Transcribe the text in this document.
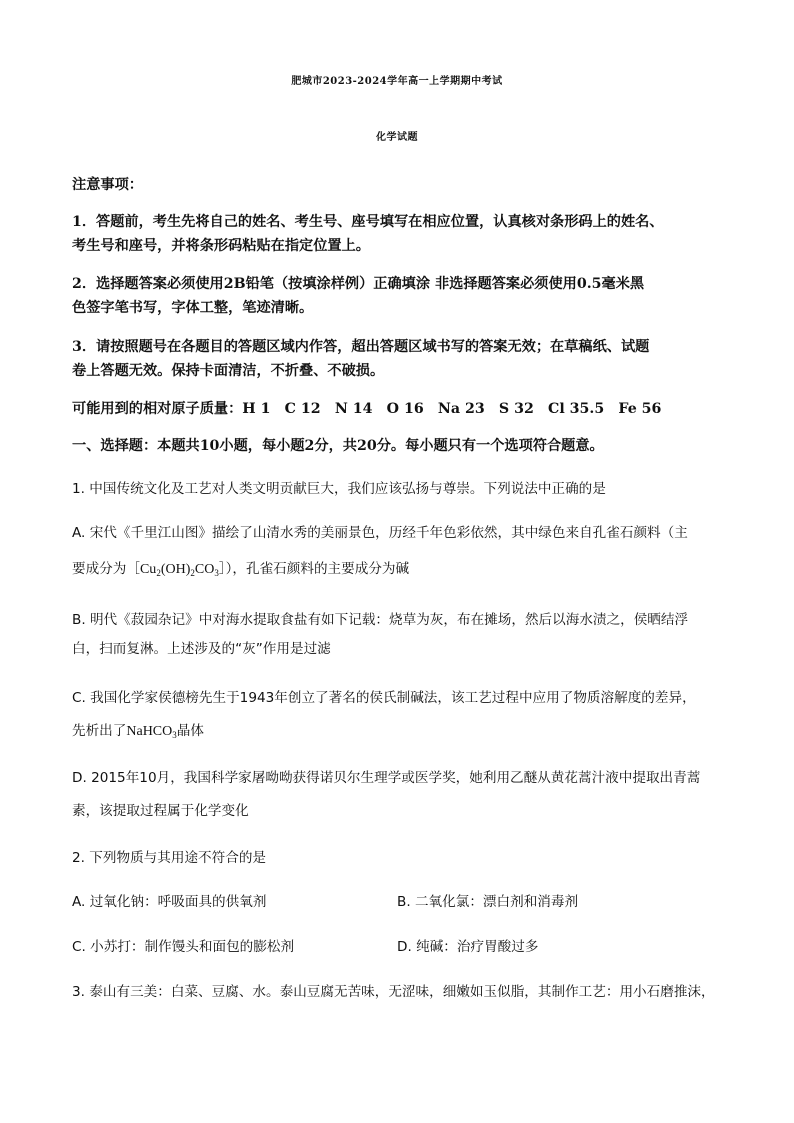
肥城市2023-2024学年高一上学期期中考试
化学试题
注意事项：
1．答题前，考生先将自己的姓名、考生号、座号填写在相应位置，认真核对条形码上的姓名、
考生号和座号，并将条形码粘贴在指定位置上。
2．选择题答案必须使用2B铅笔（按填涂样例）正确填涂 非选择题答案必须使用0.5毫米黑
色签字笔书写，字体工整，笔迹清晰。
3．请按照题号在各题目的答题区域内作答，超出答题区域书写的答案无效；在草稿纸、试题
卷上答题无效。保持卡面清洁，不折叠、不破损。
可能用到的相对原子质量：H 1　C 12　N 14　O 16　Na 23　S 32　Cl 35.5　Fe 56
一、选择题：本题共10小题，每小题2分，共20分。每小题只有一个选项符合题意。
1. 中国传统文化及工艺对人类文明贡献巨大，我们应该弘扬与尊崇。下列说法中正确的是
A. 宋代《千里江山图》描绘了山清水秀的美丽景色，历经千年色彩依然，其中绿色来自孔雀石颜料（主
要成分为$[Cu_2(OH)_2CO_3]$），孔雀石颜料的主要成分为碱
B. 明代《菽园杂记》中对海水提取食盐有如下记载：烧草为灰，布在摊场，然后以海水渍之，侯晒结浮
白，扫而复淋。上述涉及的“灰”作用是过滤
C. 我国化学家侯德榜先生于1943年创立了著名的侯氏制碱法，该工艺过程中应用了物质溶解度的差异，
先析出了NaHCO$_3$晶体
D. 2015年10月，我国科学家屠呦呦获得诺贝尔生理学或医学奖，她利用乙醚从黄花蒿汁液中提取出青蒿
素，该提取过程属于化学变化
2. 下列物质与其用途不符合的是
A. 过氧化钠：呼吸面具的供氧剂	B. 二氧化氯：漂白剂和消毒剂
C. 小苏打：制作馒头和面包的膨松剂	D. 纯碱：治疗胃酸过多
3. 泰山有三美：白菜、豆腐、水。泰山豆腐无苦味，无涩味，细嫩如玉似脂，其制作工艺：用小石磨推沫，
